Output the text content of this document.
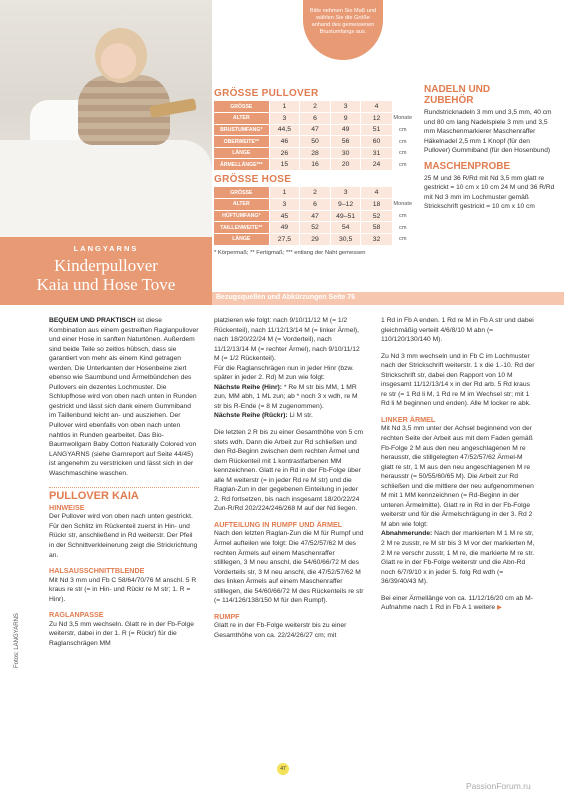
LANGYARNS
Kinderpullover
Kaia und Hose Tove
Bitte nehmen Sie Maß und wählen Sie die Größe anhand des gemessenen Brustumfangs aus.
GRÖSSE PULLOVER
GRÖSSE	1	2	3	4	
ALTER	3	6	9	12	Monate
BRUSTUMFANG*	44,5	47	49	51	cm
OBERWEITE**	46	50	56	60	cm
LÄNGE	26	28	30	31	cm
ÄRMELLÄNGE***	15	16	20	24	cm
GRÖSSE HOSE
GRÖSSE	1	2	3	4	
ALTER	3	6	9–12	18	Monate
HÜFTUMFANG*	45	47	49–51	52	cm
TAILLENWEITE**	49	52	54	58	cm
LÄNGE	27,5	29	30,5	32	cm
* Körpermaß; ** Fertigmaß; *** entlang der Naht gemessen
NADELN UND
ZUBEHÖR

Rundstricknadeln 3 mm und 3,5 mm, 40 cm und 80 cm lang Nadelspiele 3 mm und 3,5 mm Maschenmarkierer Maschenraffer Häkelnadel 2,5 mm 1 Knopf (für den Pullover) Gummiband (für den Hosenbund)

MASCHENPROBE

25 M und 36 R/Rd mit Nd 3,5 mm glatt re gestrickt = 10 cm x 10 cm 24 M und 36 R/Rd mit Nd 3 mm im Lochmuster gemäß Strickschrift gestrickt = 10 cm x 10 cm

Bezugsquellen und Abkürzungen Seite 76

BEQUEM UND PRAKTISCH ist diese Kombination aus einem gestreiften Raglanpullover und einer Hose in sanften Naturtönen. Außerdem sind beide Teile so zeitlos hübsch, dass sie garantiert von mehr als einem Kind getragen werden. Die Unterkanten der Hosenbeine ziert ebenso wie Saumbund und Ärmelbündchen des Pullovers ein dezentes Lochmuster. Die Schlupfhose wird von oben nach unten in Runden gestrickt und lässt sich dank einem Gummiband im Taillenbund leicht an- und ausziehen. Der Pullover wird ebenfalls von oben nach unten nahtlos in Runden gearbeitet. Das Bio-Baumwollgarn Baby Cotton Naturally Colored von LANGYARNS (siehe Garnreport auf Seite 44/45) ist angenehm zu verstricken und lässt sich in der Waschmaschine waschen.

PULLOVER KAIA
HINWEISE

Der Pullover wird von oben nach unten gestrickt. Für den Schlitz im Rückenteil zuerst in Hin- und Rückr str, anschließend in Rd weiterstr. Der Pfeil in der Schnittverkleinerung zeigt die Strickrichtung an.

HALSAUSSCHNITTBLENDE

Mit Nd 3 mm und Fb C 58/64/70/76 M anschl. 5 R kraus re str (= in Hin- und Rückr re M str; 1. R = Hinr).

RAGLANPASSE

Zu Nd 3,5 mm wechseln. Glatt re in der Fb-Folge weiterstr, dabei in der 1. R (= Rückr) für die Raglanschrägen MM

platzieren wie folgt: nach 9/10/11/12 M (= 1/2 Rückenteil), nach 11/12/13/14 M (= linker Ärmel), nach 18/20/22/24 M (= Vorderteil), nach 11/12/13/14 M (= rechter Ärmel), nach 9/10/11/12 M (= 1/2 Rückenteil).

Für die Raglanschrägen nun in jeder Hinr (bzw. später in jeder 2. Rd) M zun wie folgt:

Nächste Reihe (Hinr): * Re M str bis MM, 1 MR zun, MM abh, 1 ML zun; ab * noch 3 x wdh, re M str bis R-Ende (= 8 M zugenommen).

Nächste Reihe (Rückr): Li M str.

Die letzten 2 R bis zu einer Gesamthöhe von 5 cm stets wdh. Dann die Arbeit zur Rd schließen und den Rd-Beginn zwischen dem rechten Ärmel und dem Rückenteil mit 1 kontrastfarbenen MM kennzeichnen. Glatt re in Rd in der Fb-Folge über alle M weiterstr (= in jeder Rd re M str) und die Raglan-Zun in der gegebenen Einteilung in jeder 2. Rd fortsetzen, bis nach insgesamt 18/20/22/24 Zun-R/Rd 202/224/246/268 M auf der Nd liegen.

AUFTEILUNG IN RUMPF UND ÄRMEL

Nach den letzten Raglan-Zun die M für Rumpf und Ärmel aufteilen wie folgt: Die 47/52/57/62 M des rechten Ärmels auf einem Maschenraffer stilllegen, 3 M neu anschl, die 54/60/66/72 M des Vorderteils str, 3 M neu anschl, die 47/52/57/62 M des linken Ärmels auf einem Maschenraffer stilllegen, die 54/60/66/72 M des Rückenteils re str (= 114/126/138/150 M für den Rumpf).

RUMPF

Glatt re in der Fb-Folge weiterstr bis zu einer Gesamthöhe von ca. 22/24/26/27 cm; mit

1 Rd in Fb A enden. 1 Rd re M in Fb A str und dabei gleichmäßig verteilt 4/6/8/10 M abn (= 110/120/130/140 M).

Zu Nd 3 mm wechseln und in Fb C im Lochmuster nach der Strickschrift weiterstr. 1 x die 1.-10. Rd der Strickschrift str, dabei den Rapport von 10 M insgesamt 11/12/13/14 x in der Rd arb. 5 Rd kraus re str (= 1 Rd li M, 1 Rd re M im Wechsel str; mit 1 Rd li M beginnen und enden). Alle M locker re abk.

LINKER ÄRMEL

Mit Nd 3,5 mm unter der Achsel beginnend von der rechten Seite der Arbeit aus mit dem Faden gemäß Fb-Folge 2 M aus den neu angeschlagenen M re herausstr, die stillgelegten 47/52/57/62 Ärmel-M glatt re str, 1 M aus den neu angeschlagenen M re herausstr (= 50/55/60/65 M). Die Arbeit zur Rd schließen und die mittlere der neu aufgenommenen M mit 1 MM kennzeichnen (= Rd-Beginn in der unteren Ärmelmitte). Glatt re in Rd in der Fb-Folge weiterstr und für die Ärmelschrägung in der 3. Rd 2 M abn wie folgt:

Abnahmerunde: Nach der markierten M 1 M re str, 2 M re zusstr, re M str bis 3 M vor der markierten M, 2 M re verschr zusstr, 1 M re, die markierte M re str. Glatt re in der Fb-Folge weiterstr und die Abn-Rd noch 6/7/9/10 x in jeder 5. folg Rd wdh (= 36/39/40/43 M).

Bei einer Ärmellänge von ca. 11/12/16/20 cm ab M-Aufnahme nach 1 Rd in Fb A 1 weitere ▶

Fotos: LANGYARNS
47
PassionForum.ru
